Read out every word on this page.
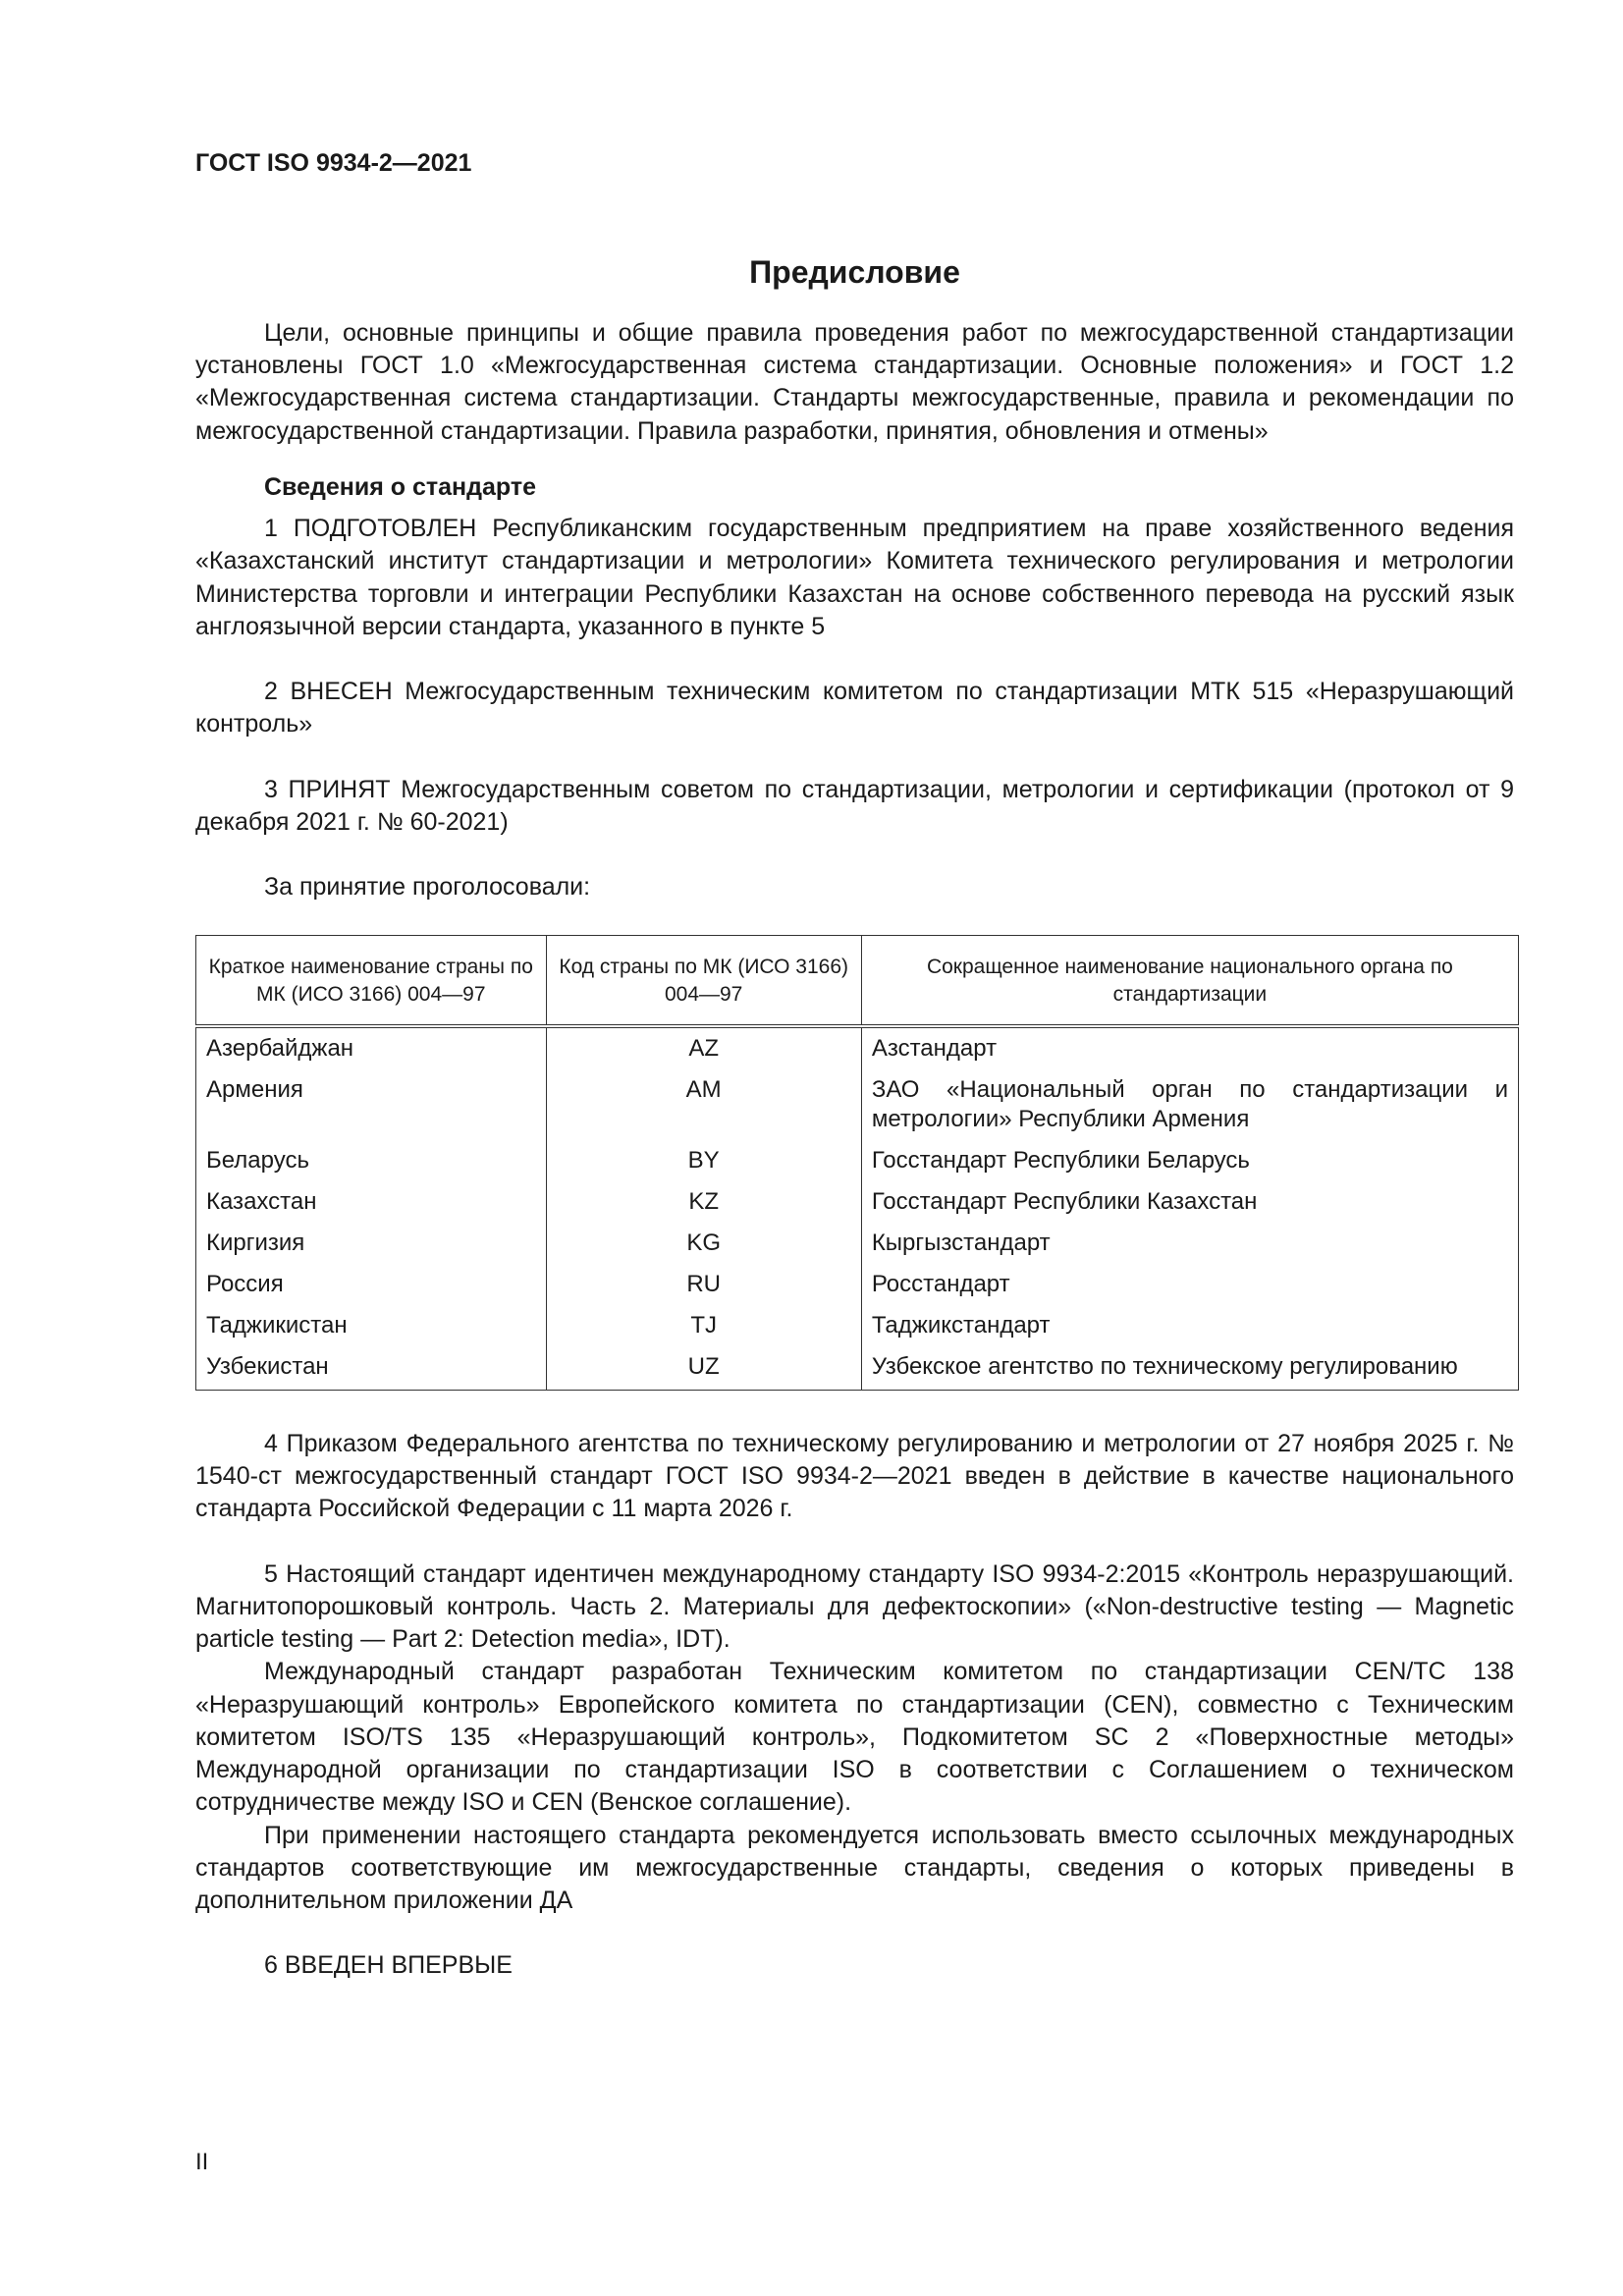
ГОСТ ISO 9934-2—2021
Предисловие

Цели, основные принципы и общие правила проведения работ по межгосударственной стандартизации установлены ГОСТ 1.0 «Межгосударственная система стандартизации. Основные положения» и ГОСТ 1.2 «Межгосударственная система стандартизации. Стандарты межгосударственные, правила и рекомендации по межгосударственной стандартизации. Правила разработки, принятия, обновления и отмены»

Сведения о стандарте

1 ПОДГОТОВЛЕН Республиканским государственным предприятием на праве хозяйственного ведения «Казахстанский институт стандартизации и метрологии» Комитета технического регулирования и метрологии Министерства торговли и интеграции Республики Казахстан на основе собственного перевода на русский язык англоязычной версии стандарта, указанного в пункте 5

2 ВНЕСЕН Межгосударственным техническим комитетом по стандартизации МТК 515 «Неразрушающий контроль»

3 ПРИНЯТ Межгосударственным советом по стандартизации, метрологии и сертификации (протокол от 9 декабря 2021 г. № 60-2021)

За принятие проголосовали:

Краткое наименование страны по МК (ИСО 3166) 004—97	Код страны по МК (ИСО 3166) 004—97	Сокращенное наименование национального органа по стандартизации
Азербайджан	AZ	Азстандарт
Армения	AM	ЗАО «Национальный орган по стандартизации и метрологии» Республики Армения
Беларусь	BY	Госстандарт Республики Беларусь
Казахстан	KZ	Госстандарт Республики Казахстан
Киргизия	KG	Кыргызстандарт
Россия	RU	Росстандарт
Таджикистан	TJ	Таджикстандарт
Узбекистан	UZ	Узбекское агентство по техническому регулированию

4 Приказом Федерального агентства по техническому регулированию и метрологии от 27 ноября 2025 г. № 1540-ст межгосударственный стандарт ГОСТ ISO 9934-2—2021 введен в действие в качестве национального стандарта Российской Федерации с 11 марта 2026 г.

5 Настоящий стандарт идентичен международному стандарту ISO 9934-2:2015 «Контроль неразрушающий. Магнитопорошковый контроль. Часть 2. Материалы для дефектоскопии» («Non-destructive testing — Magnetic particle testing — Part 2: Detection media», IDT).

Международный стандарт разработан Техническим комитетом по стандартизации CEN/TC 138 «Неразрушающий контроль» Европейского комитета по стандартизации (CEN), совместно с Техническим комитетом ISO/TS 135 «Неразрушающий контроль», Подкомитетом SC 2 «Поверхностные методы» Международной организации по стандартизации ISO в соответствии с Соглашением о техническом сотрудничестве между ISO и CEN (Венское соглашение).

При применении настоящего стандарта рекомендуется использовать вместо ссылочных международных стандартов соответствующие им межгосударственные стандарты, сведения о которых приведены в дополнительном приложении ДА

6 ВВЕДЕН ВПЕРВЫЕ

II
